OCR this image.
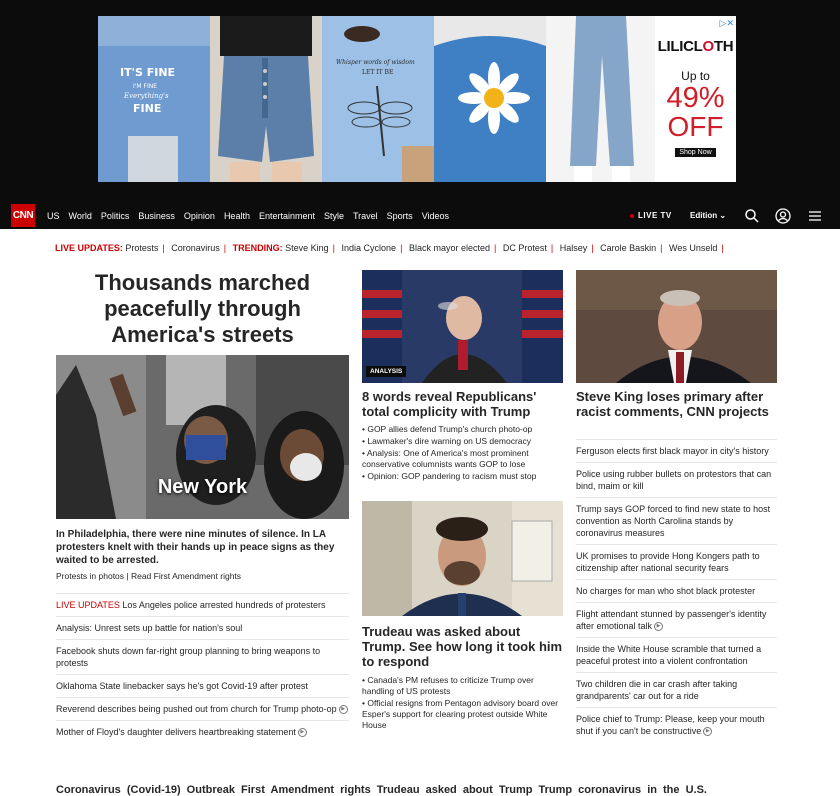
IT'S FINE
I'M FINE
Everything's
FINE
Whisper words of wisdom
LET IT BE
LILICLOTH
Up to
49%
OFF
Shop Now
▷✕
CNN US World Politics Business Opinion Health Entertainment Style Travel Sports Videos	LIVE TV Edition ⌄
LIVE UPDATES: Protests | Coronavirus | TRENDING: Steve King | India Cyclone | Black mayor elected | DC Protest | Halsey | Carole Baskin | Wes Unseld |
Thousands marched peacefully through America's streets
New York
In Philadelphia, there were nine minutes of silence. In LA protesters knelt with their hands up in peace signs as they waited to be arrested.
Protests in photos | Read First Amendment rights
LIVE UPDATES Los Angeles police arrested hundreds of protesters
Analysis: Unrest sets up battle for nation's soul
Facebook shuts down far-right group planning to bring weapons to protests
Oklahoma State linebacker says he's got Covid-19 after protest
Reverend describes being pushed out from church for Trump photo-op ▶
Mother of Floyd's daughter delivers heartbreaking statement ▶
ANALYSIS
8 words reveal Republicans' total complicity with Trump
• GOP allies defend Trump's church photo-op
• Lawmaker's dire warning on US democracy
• Analysis: One of America's most prominent conservative columnists wants GOP to lose
• Opinion: GOP pandering to racism must stop
Trudeau was asked about Trump. See how long it took him to respond
• Canada's PM refuses to criticize Trump over handling of US protests
• Official resigns from Pentagon advisory board over Esper's support for clearing protest outside White House
Steve King loses primary after racist comments, CNN projects
Ferguson elects first black mayor in city's history
Police using rubber bullets on protestors that can bind, maim or kill
Trump says GOP forced to find new state to host convention as North Carolina stands by coronavirus measures
UK promises to provide Hong Kongers path to citizenship after national security fears
No charges for man who shot black protester
Flight attendant stunned by passenger's identity after emotional talk ▶
Inside the White House scramble that turned a peaceful protest into a violent confrontation
Two children die in car crash after taking grandparents' car out for a ride
Police chief to Trump: Please, keep your mouth shut if you can't be constructive ▶
Coronavirus (Covid-19) Outbreak First Amendment rights Trudeau asked about Trump Trump coronavirus in the U.S.
